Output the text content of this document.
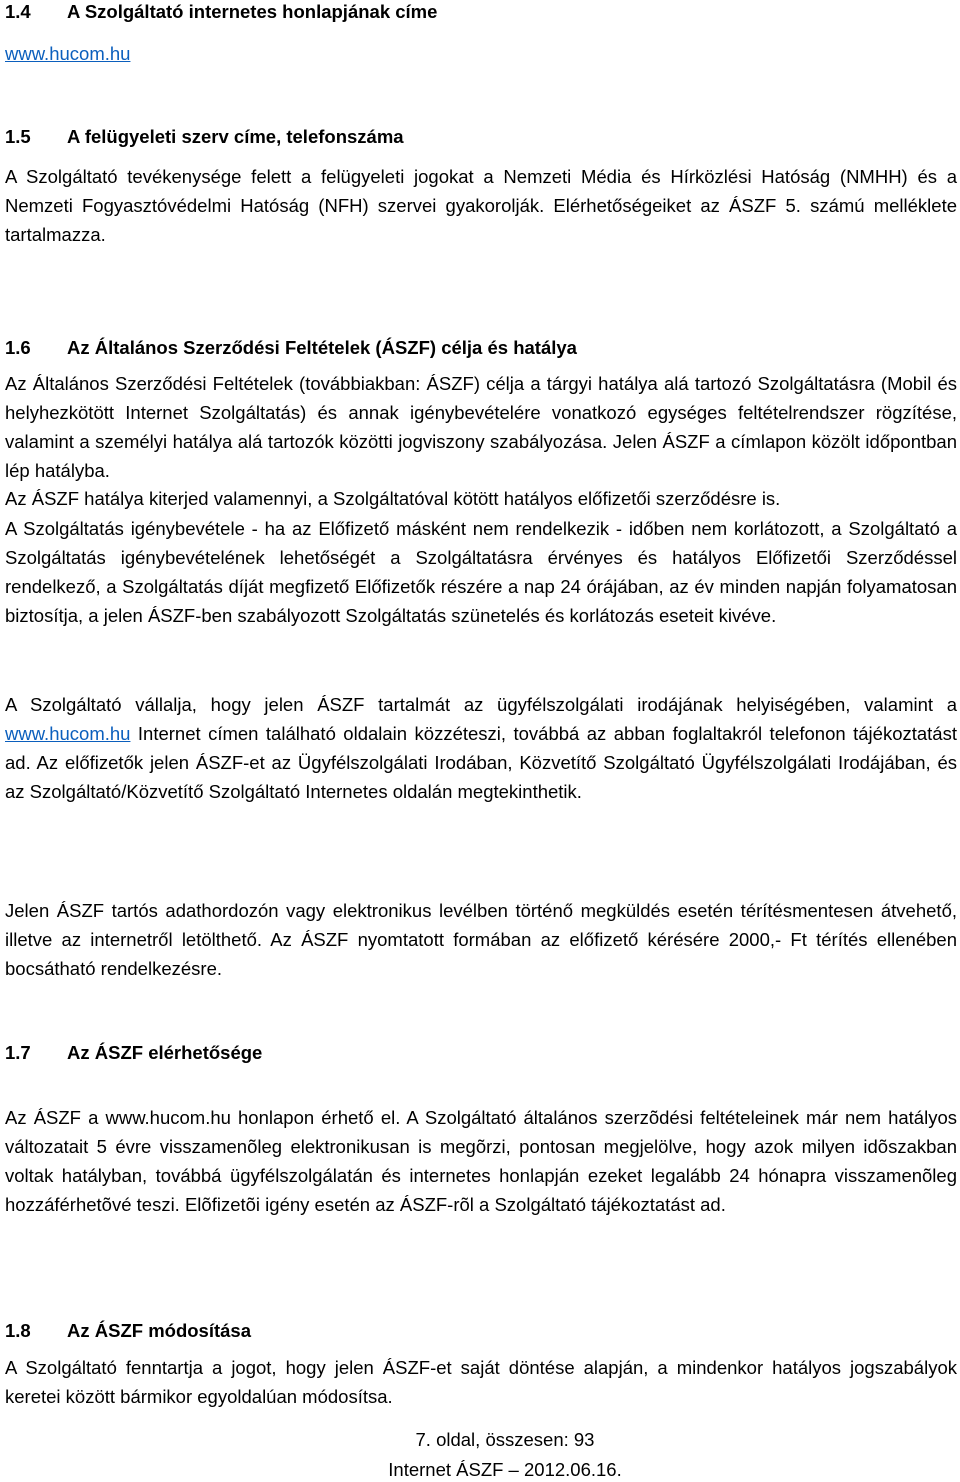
1.4 A Szolgáltató internetes honlapjának címe
www.hucom.hu
1.5 A felügyeleti szerv címe, telefonszáma
A Szolgáltató tevékenysége felett a felügyeleti jogokat a Nemzeti Média és Hírközlési Hatóság (NMHH) és a Nemzeti Fogyasztóvédelmi Hatóság (NFH) szervei gyakorolják. Elérhetőségeiket az ÁSZF 5. számú melléklete tartalmazza.
1.6 Az Általános Szerződési Feltételek (ÁSZF) célja és hatálya
Az Általános Szerződési Feltételek (továbbiakban: ÁSZF) célja a tárgyi hatálya alá tartozó Szolgáltatásra (Mobil és helyhezkötött Internet Szolgáltatás) és annak igénybevételére vonatkozó egységes feltételrendszer rögzítése, valamint a személyi hatálya alá tartozók közötti jogviszony szabályozása. Jelen ÁSZF a címlapon közölt időpontban lép hatályba.
Az ÁSZF hatálya kiterjed valamennyi, a Szolgáltatóval kötött hatályos előfizetői szerződésre is.
A Szolgáltatás igénybevétele - ha az Előfizető másként nem rendelkezik - időben nem korlátozott, a Szolgáltató a Szolgáltatás igénybevételének lehetőségét a Szolgáltatásra érvényes és hatályos Előfizetői Szerződéssel rendelkező, a Szolgáltatás díját megfizető Előfizetők részére a nap 24 órájában, az év minden napján folyamatosan biztosítja, a jelen ÁSZF-ben szabályozott Szolgáltatás szünetelés és korlátozás eseteit kivéve.
A Szolgáltató vállalja, hogy jelen ÁSZF tartalmát az ügyfélszolgálati irodájának helyiségében, valamint a www.hucom.hu Internet címen található oldalain közzéteszi, továbbá az abban foglaltakról telefonon tájékoztatást ad. Az előfizetők jelen ÁSZF-et az Ügyfélszolgálati Irodában, Közvetítő Szolgáltató Ügyfélszolgálati Irodájában, és az Szolgáltató/Közvetítő Szolgáltató Internetes oldalán megtekinthetik.
Jelen ÁSZF tartós adathordozón vagy elektronikus levélben történő megküldés esetén térítésmentesen átvehető, illetve az internetről letölthető. Az ÁSZF nyomtatott formában az előfizető kérésére 2000,- Ft térítés ellenében bocsátható rendelkezésre.
1.7 Az ÁSZF elérhetősége
Az ÁSZF a www.hucom.hu honlapon érhető el. A Szolgáltató általános szerzõdési feltételeinek már nem hatályos változatait 5 évre visszamenõleg elektronikusan is megõrzi, pontosan megjelölve, hogy azok milyen idõszakban voltak hatályban, továbbá ügyfélszolgálatán és internetes honlapján ezeket legalább 24 hónapra visszamenõleg hozzáférhetõvé teszi. Elõfizetõi igény esetén az ÁSZF-rõl a Szolgáltató tájékoztatást ad.
1.8 Az ÁSZF módosítása
A Szolgáltató fenntartja a jogot, hogy jelen ÁSZF-et saját döntése alapján, a mindenkor hatályos jogszabályok keretei között bármikor egyoldalúan módosítsa.
7. oldal, összesen: 93
Internet ÁSZF – 2012.06.16.
